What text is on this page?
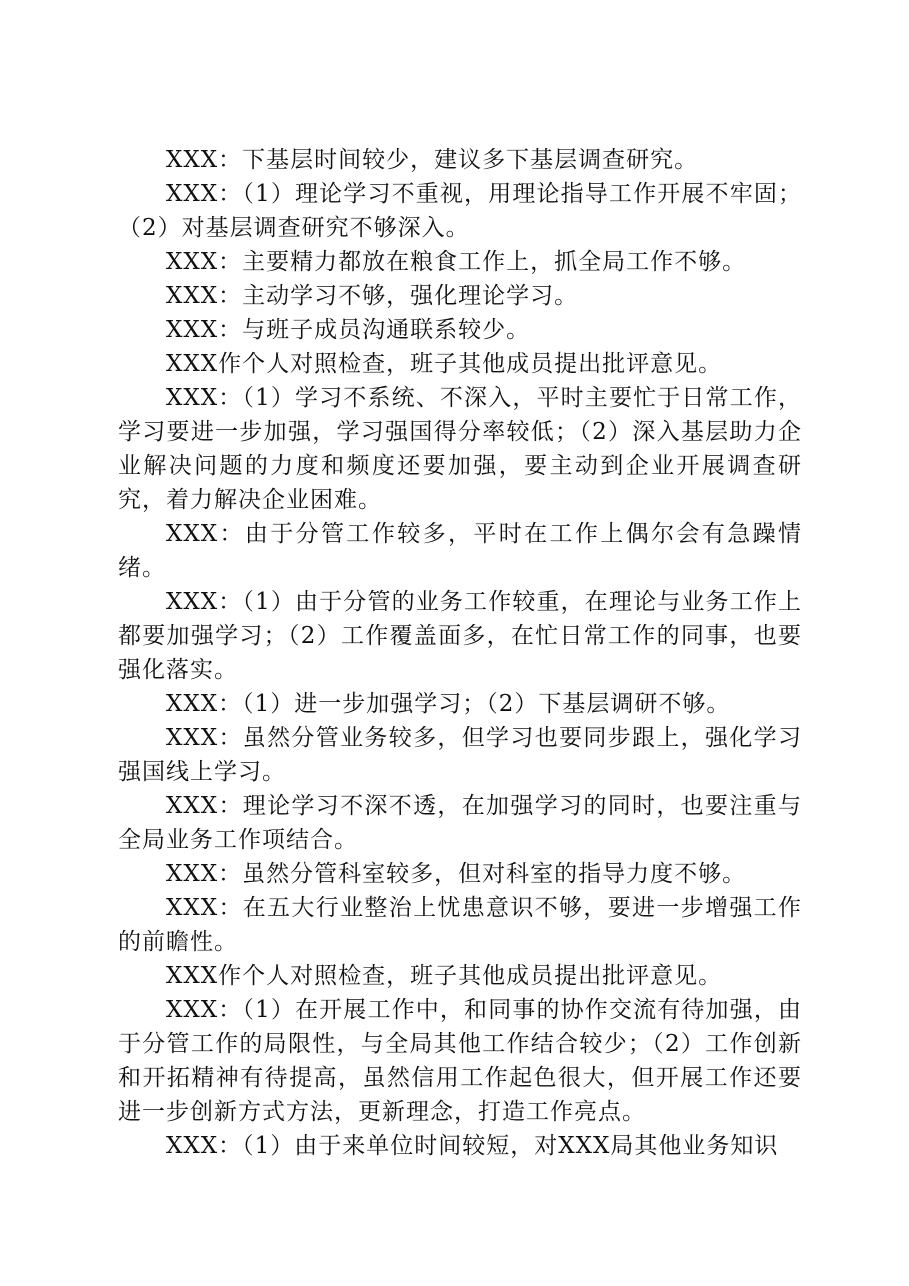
XXX：下基层时间较少，建议多下基层调查研究。

XXX：（1）理论学习不重视，用理论指导工作开展不牢固；（2）对基层调查研究不够深入。

XXX：主要精力都放在粮食工作上，抓全局工作不够。

XXX：主动学习不够，强化理论学习。

XXX：与班子成员沟通联系较少。

XXX作个人对照检查，班子其他成员提出批评意见。

XXX：（1）学习不系统、不深入，平时主要忙于日常工作，学习要进一步加强，学习强国得分率较低；（2）深入基层助力企业解决问题的力度和频度还要加强，要主动到企业开展调查研究，着力解决企业困难。

XXX：由于分管工作较多，平时在工作上偶尔会有急躁情绪。

XXX：（1）由于分管的业务工作较重，在理论与业务工作上都要加强学习；（2）工作覆盖面多，在忙日常工作的同事，也要强化落实。

XXX：（1）进一步加强学习；（2）下基层调研不够。

XXX：虽然分管业务较多，但学习也要同步跟上，强化学习强国线上学习。

XXX：理论学习不深不透，在加强学习的同时，也要注重与全局业务工作项结合。

XXX：虽然分管科室较多，但对科室的指导力度不够。

XXX：在五大行业整治上忧患意识不够，要进一步增强工作的前瞻性。

XXX作个人对照检查，班子其他成员提出批评意见。

XXX：（1）在开展工作中，和同事的协作交流有待加强，由于分管工作的局限性，与全局其他工作结合较少；（2）工作创新和开拓精神有待提高，虽然信用工作起色很大，但开展工作还要进一步创新方式方法，更新理念，打造工作亮点。

XXX：（1）由于来单位时间较短，对XXX局其他业务知识
